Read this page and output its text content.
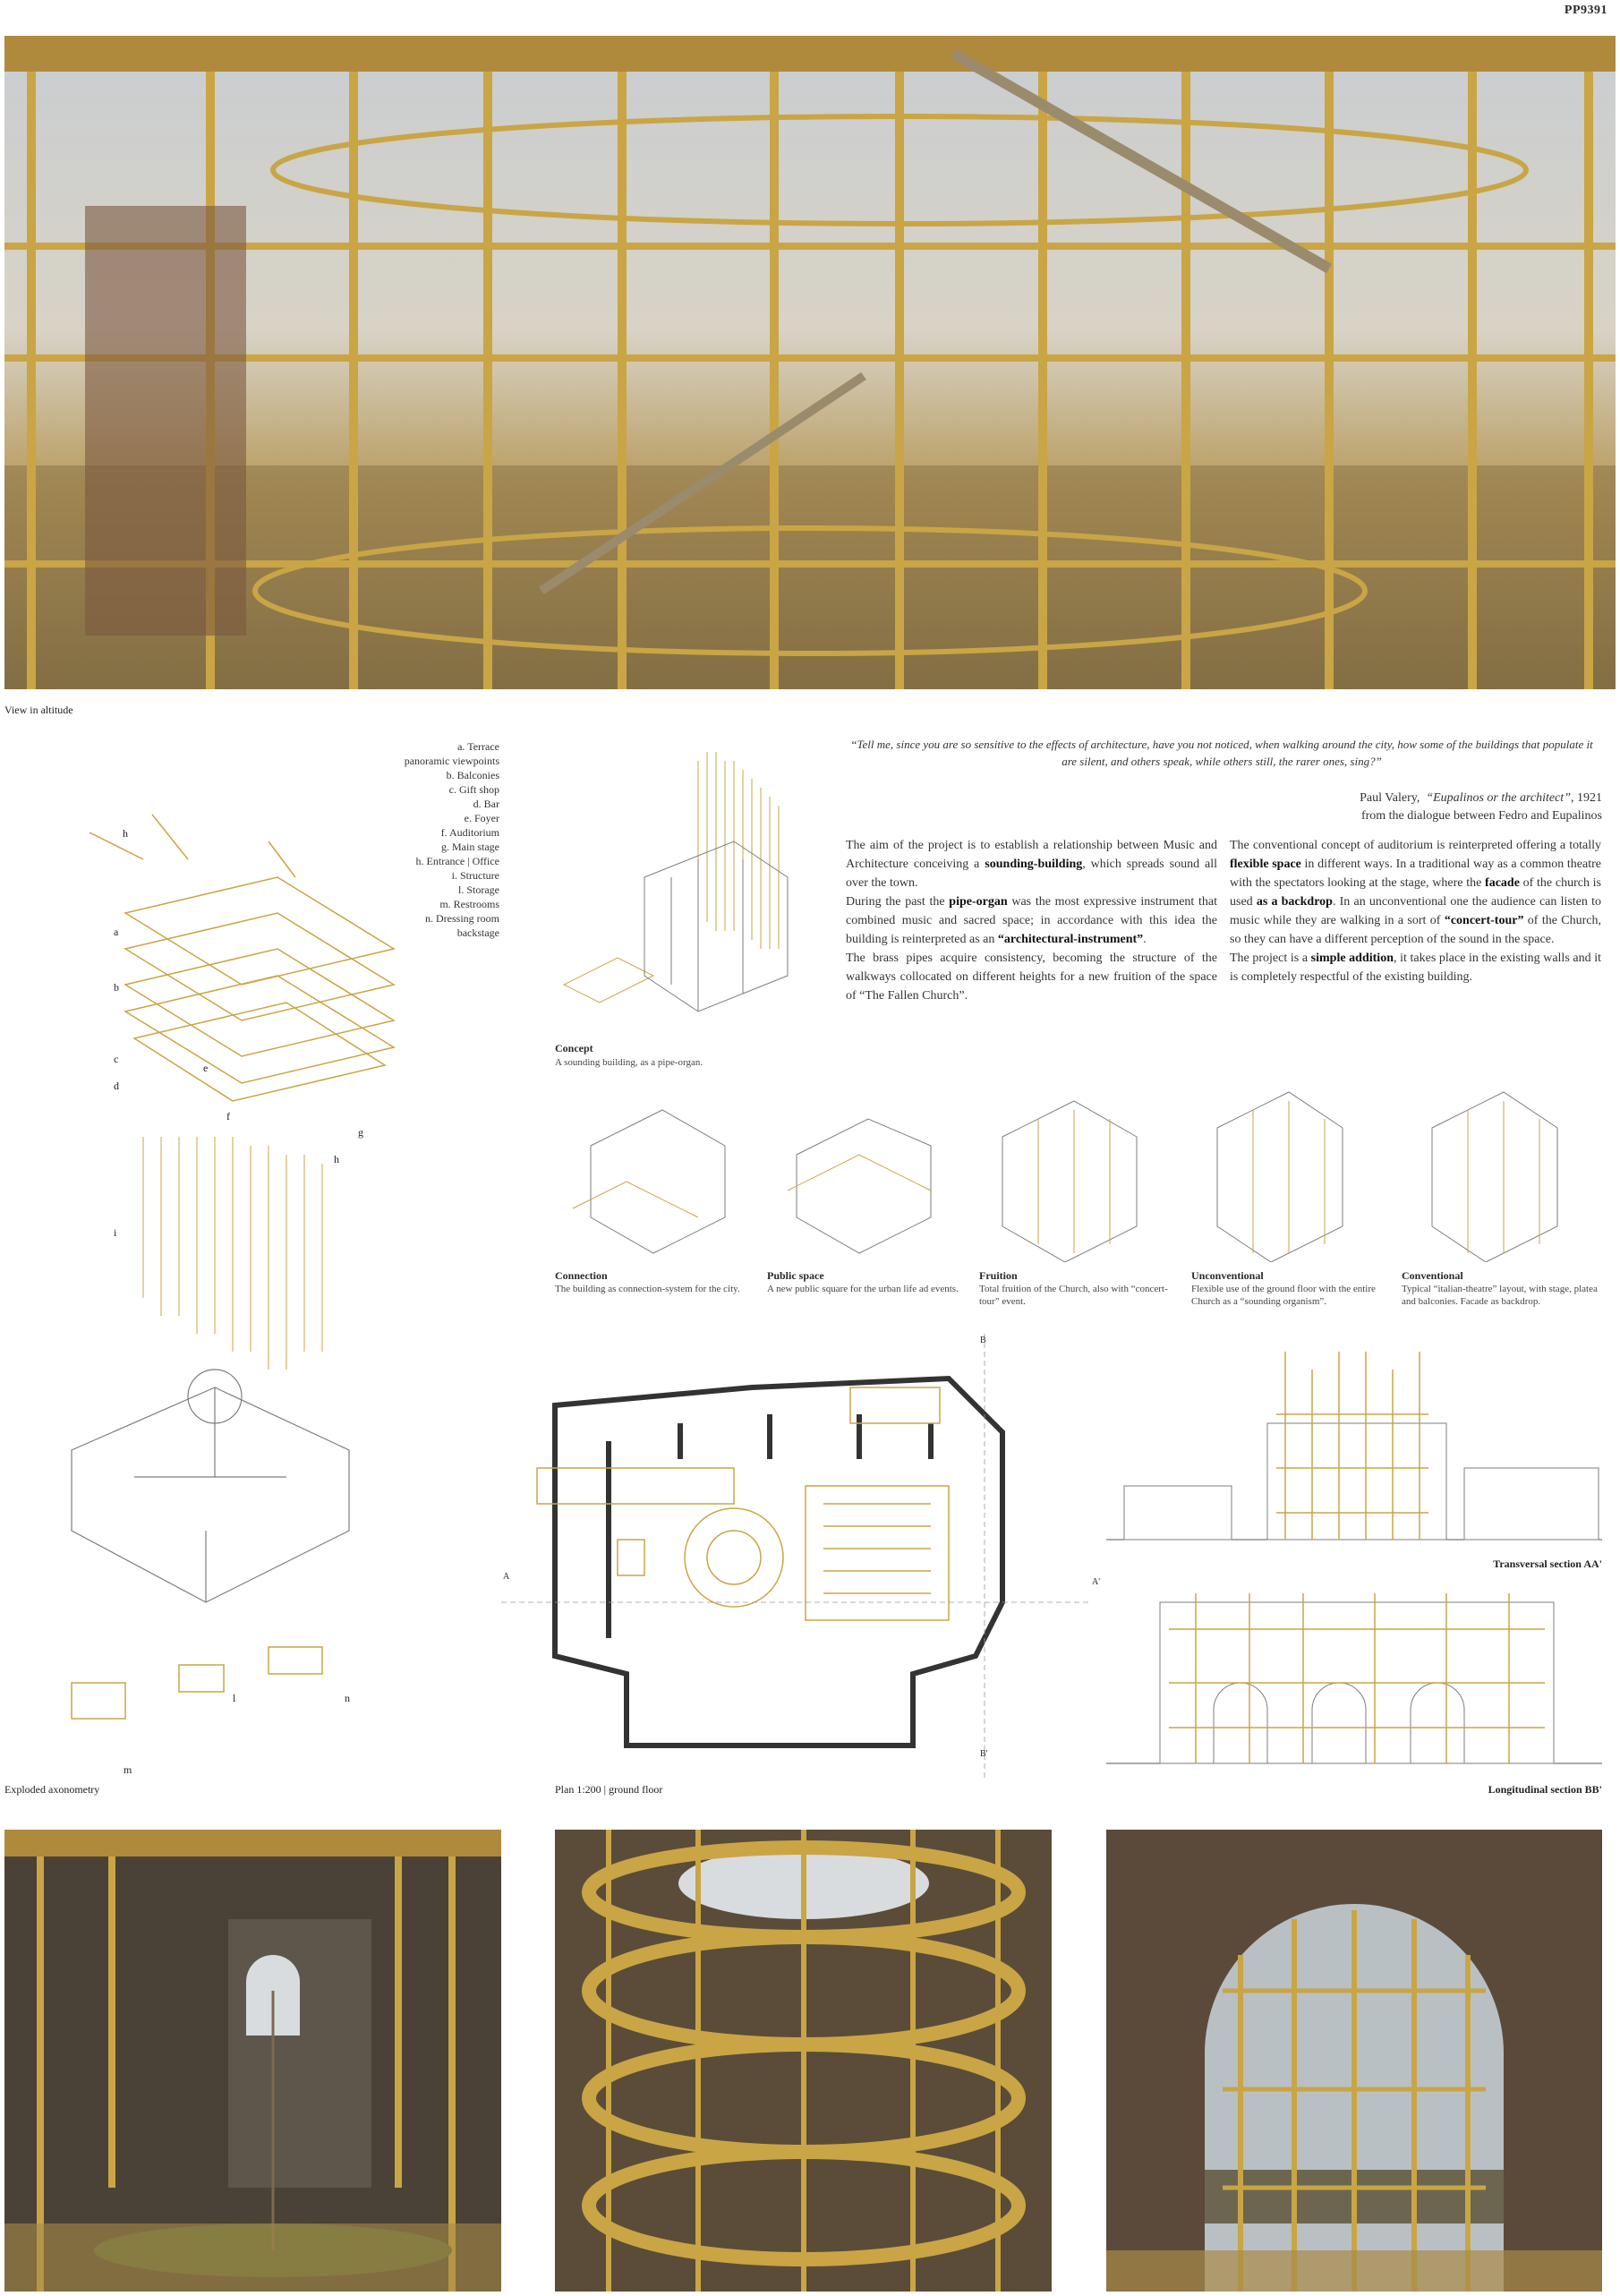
PP9391
View in altitude
a. Terrace
panoramic viewpoints
b. Balconies
c. Gift shop
d. Bar
e. Foyer
f. Auditorium
g. Main stage
h. Entrance | Office
i. Structure
l. Storage
m. Restrooms
n. Dressing room
backstage
h
a
b
c
d
e
f
g
h
i
l	n
m
Exploded axonometry
Concept
A sounding building, as a pipe-organ.
“Tell me, since you are so sensitive to the effects of architecture, have you not noticed, when walking around the city, how some of the buildings that populate it are silent, and others speak, while others still, the rarer ones, sing?”
Paul Valery, “Eupalinos or the architect”, 1921
from the dialogue between Fedro and Eupalinos
The aim of the project is to establish a relationship between Music and Architecture conceiving a sounding-building, which spreads sound all over the town.
During the past the pipe-organ was the most expressive instrument that combined music and sacred space; in accordance with this idea the building is reinterpreted as an “architectural-instrument”.
The brass pipes acquire consistency, becoming the structure of the walkways collocated on different heights for a new fruition of the space of “The Fallen Church”.
The conventional concept of auditorium is reinterpreted offering a totally flexible space in different ways. In a traditional way as a common theatre with the spectators looking at the stage, where the facade of the church is used as a backdrop. In an unconventional one the audience can listen to music while they are walking in a sort of “concert-tour” of the Church, so they can have a different perception of the sound in the space.
The project is a simple addition, it takes place in the existing walls and it is completely respectful of the existing building.
Connection
The building as connection-system for the city.
Public space
A new public square for the urban life ad events.
Fruition
Total fruition of the Church, also with “concert-tour” event.
Unconventional
Flexible use of the ground floor with the entire Church as a “sounding organism”.
Conventional
Typical “italian-theatre” layout, with stage, platea and balconies. Facade as backdrop.
B
A
A'
B'
Plan 1:200 | ground floor
Transversal section AA'
Longitudinal section BB'
